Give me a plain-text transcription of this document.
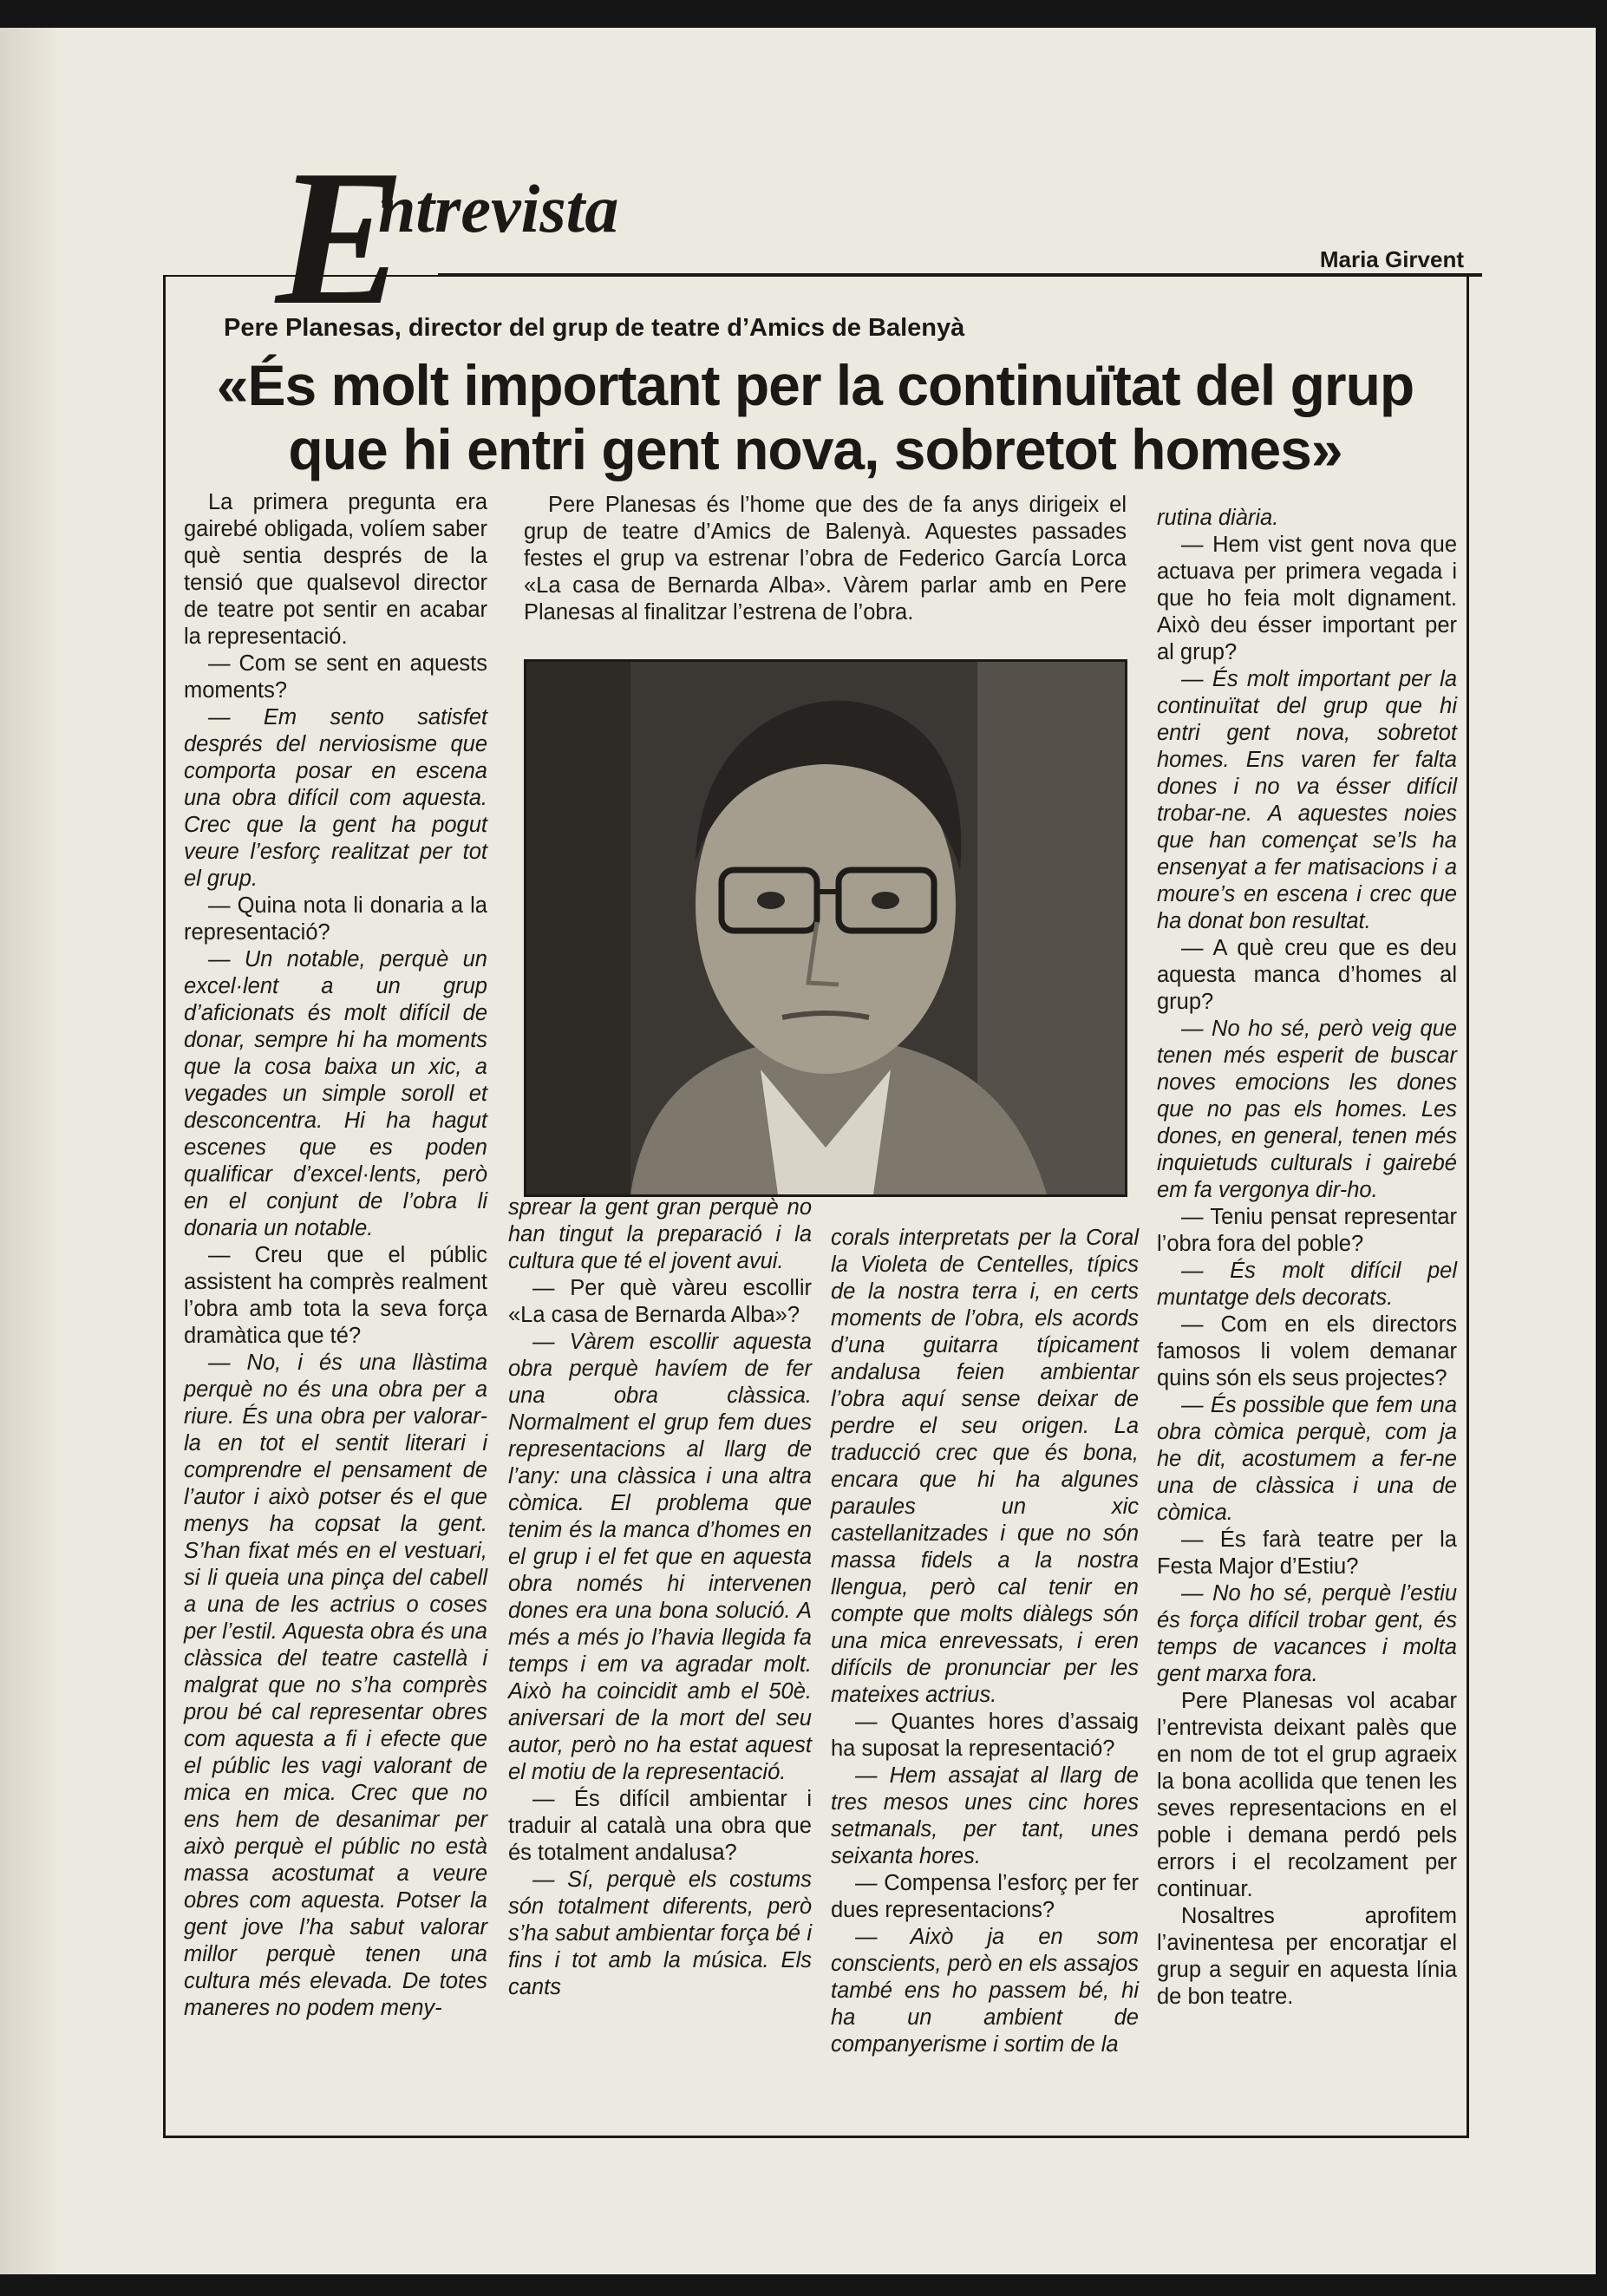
E
ntrevista
Maria Girvent
Pere Planesas, director del grup de teatre d’Amics de Balenyà
«És molt important per la continuïtat del grup
que hi entri gent nova, sobretot homes»

Pere Planesas és l’home que des de fa anys dirigeix el grup de teatre d’Amics de Balenyà. Aquestes passades festes el grup va estrenar l’obra de Federico García Lorca «La casa de Bernarda Alba». Vàrem parlar amb en Pere Planesas al finalitzar l’estrena de l’obra.

La primera pregunta era gairebé obligada, volíem saber què sentia després de la tensió que qualsevol director de teatre pot sentir en acabar la representació.

— Com se sent en aquests moments?

— Em sento satisfet després del nerviosisme que comporta posar en escena una obra difícil com aquesta. Crec que la gent ha pogut veure l’esforç realitzat per tot el grup.

— Quina nota li donaria a la representació?

— Un notable, perquè un excel·lent a un grup d’aficionats és molt difícil de donar, sempre hi ha moments que la cosa baixa un xic, a vegades un simple soroll et desconcentra. Hi ha hagut escenes que es poden qualificar d’excel·lents, però en el conjunt de l’obra li donaria un notable.

— Creu que el públic assistent ha comprès realment l’obra amb tota la seva força dramàtica que té?

— No, i és una llàstima perquè no és una obra per a riure. És una obra per valorar-la en tot el sentit literari i comprendre el pensament de l’autor i això potser és el que menys ha copsat la gent. S’han fixat més en el vestuari, si li queia una pinça del cabell a una de les actrius o coses per l’estil. Aquesta obra és una clàssica del teatre castellà i malgrat que no s’ha comprès prou bé cal representar obres com aquesta a fi i efecte que el públic les vagi valorant de mica en mica. Crec que no ens hem de desanimar per això perquè el públic no està massa acostumat a veure obres com aquesta. Potser la gent jove l’ha sabut valorar millor perquè tenen una cultura més elevada. De totes maneres no podem meny-

sprear la gent gran perquè no han tingut la preparació i la cultura que té el jovent avui.

— Per què vàreu escollir «La casa de Bernarda Alba»?

— Vàrem escollir aquesta obra perquè havíem de fer una obra clàssica. Normalment el grup fem dues representacions al llarg de l’any: una clàssica i una altra còmica. El problema que tenim és la manca d’homes en el grup i el fet que en aquesta obra només hi intervenen dones era una bona solució. A més a més jo l’havia llegida fa temps i em va agradar molt. Això ha coincidit amb el 50è. aniversari de la mort del seu autor, però no ha estat aquest el motiu de la representació.

— És difícil ambientar i traduir al català una obra que és totalment andalusa?

— Sí, perquè els costums són totalment diferents, però s’ha sabut ambientar força bé i fins i tot amb la música. Els cants

corals interpretats per la Coral la Violeta de Centelles, típics de la nostra terra i, en certs moments de l’obra, els acords d’una guitarra típicament andalusa feien ambientar l’obra aquí sense deixar de perdre el seu origen. La traducció crec que és bona, encara que hi ha algunes paraules un xic castellanitzades i que no són massa fidels a la nostra llengua, però cal tenir en compte que molts diàlegs són una mica enrevessats, i eren difícils de pronunciar per les mateixes actrius.

— Quantes hores d’assaig ha suposat la representació?

— Hem assajat al llarg de tres mesos unes cinc hores setmanals, per tant, unes seixanta hores.

— Compensa l’esforç per fer dues representacions?

— Això ja en som conscients, però en els assajos també ens ho passem bé, hi ha un ambient de companyerisme i sortim de la

rutina diària.

— Hem vist gent nova que actuava per primera vegada i que ho feia molt dignament. Això deu ésser important per al grup?

— És molt important per la continuïtat del grup que hi entri gent nova, sobretot homes. Ens varen fer falta dones i no va ésser difícil trobar-ne. A aquestes noies que han començat se’ls ha ensenyat a fer matisacions i a moure’s en escena i crec que ha donat bon resultat.

— A què creu que es deu aquesta manca d’homes al grup?

— No ho sé, però veig que tenen més esperit de buscar noves emocions les dones que no pas els homes. Les dones, en general, tenen més inquietuds culturals i gairebé em fa vergonya dir-ho.

— Teniu pensat representar l’obra fora del poble?

— És molt difícil pel muntatge dels decorats.

— Com en els directors famosos li volem demanar quins són els seus projectes?

— És possible que fem una obra còmica perquè, com ja he dit, acostumem a fer-ne una de clàssica i una de còmica.

— És farà teatre per la Festa Major d’Estiu?

— No ho sé, perquè l’estiu és força difícil trobar gent, és temps de vacances i molta gent marxa fora.

Pere Planesas vol acabar l’entrevista deixant palès que en nom de tot el grup agraeix la bona acollida que tenen les seves representacions en el poble i demana perdó pels errors i el recolzament per continuar.

Nosaltres aprofitem l’avinentesa per encoratjar el grup a seguir en aquesta línia de bon teatre.
